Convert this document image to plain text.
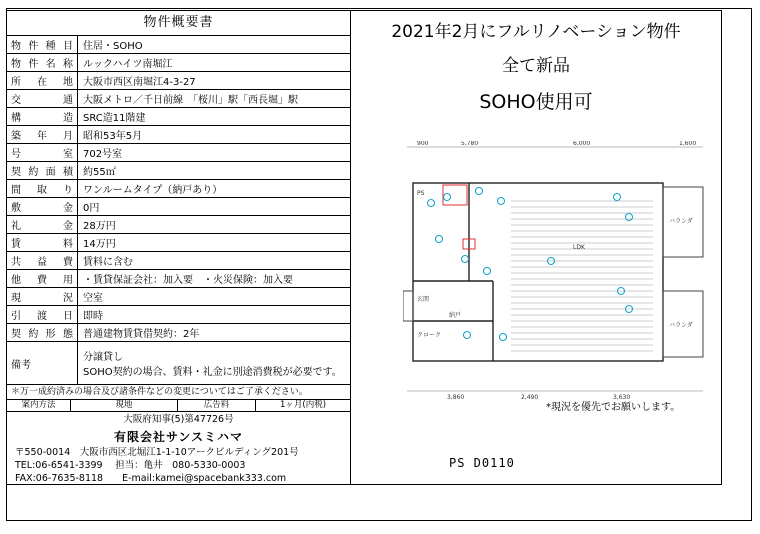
物件概要書
物 件 種 目	住居・SOHO
物 件 名 称	ルックハイツ南堀江
所 在 地	大阪市西区南堀江4-3-27
交	通	大阪メトロ／千日前線　「桜川」駅「西長堀」駅
構	造	SRC造11階建
築 年 月	昭和53年5月
号	室	702号室
契 約 面 積	約55㎡
間 取 り	ワンルームタイプ（納戸あり）
敷	金	0円
礼	金	28万円
賃	料	14万円
共 益 費	賃料に含む
他 費 用	・賃貸保証会社：加入要　・火災保険：加入要
現	況	空室
引 渡 日	即時
契 約 形 態	普通建物賃貸借契約：2年
備考
分譲貸し
SOHO契約の場合、賃料・礼金に別途消費税が必要です。
＊万一成約済みの場合及び諸条件などの変更についてはご了承ください。
案内方法	現地	広告料	1ヶ月(内税)
大阪府知事(5)第47726号
有限会社サンスミハマ
〒550-0014　大阪市西区北堀江1-1-10アークビルディング201号
TEL:06-6541-3399　 担当：亀井　080-5330-0003
FAX:06-7635-8118　　E-mail:kamei@spacebank333.com
2021年2月にフルリノベーション物件
全て新品
SOHO使用可
900	5,780	6,000	1,600
3,860	2,490	3,630
PS
バランダ
LDK
玄関
納戸
クローク
バランダ
*現況を優先でお願いします。
PS D0110
